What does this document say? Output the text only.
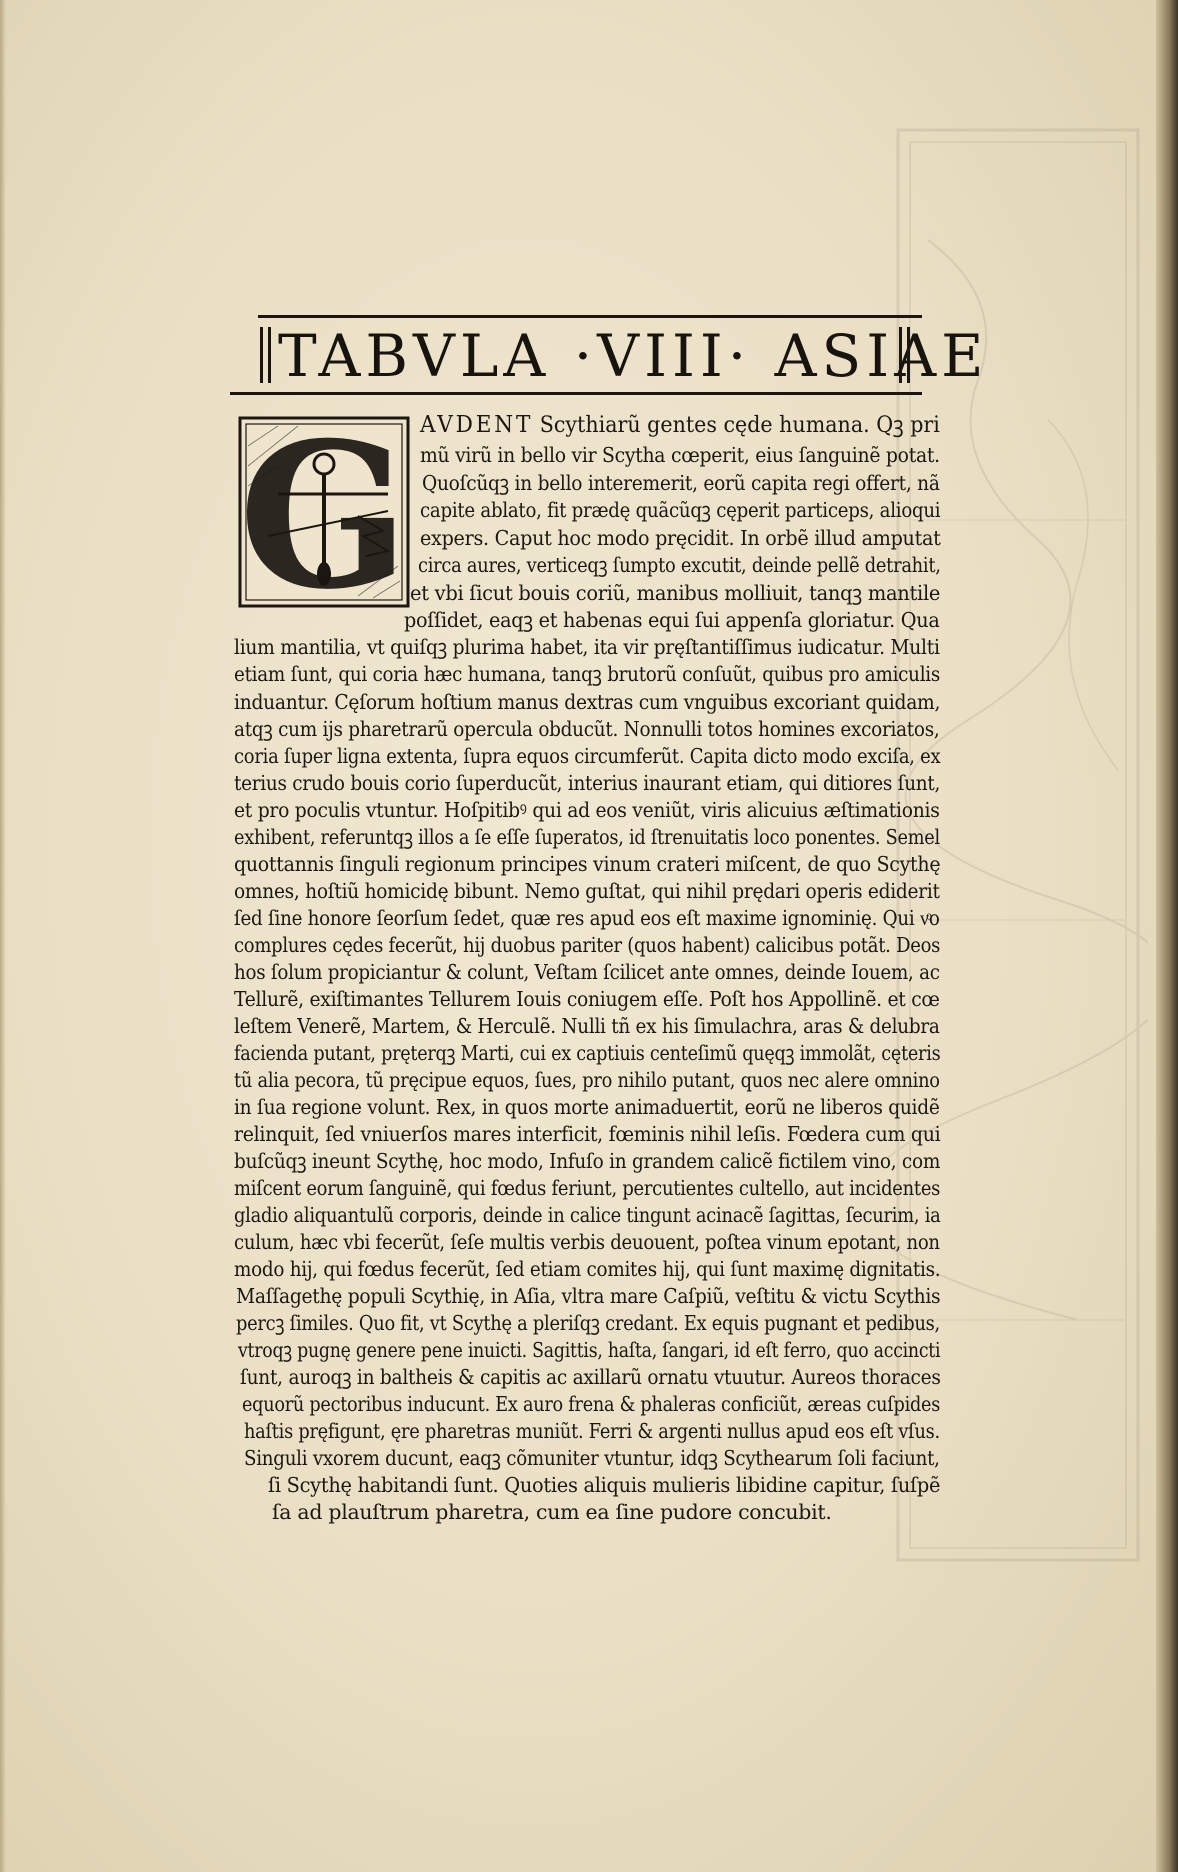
TABVLA ·VIII· ASIAE
G AVDENT Scythiarũ gentes cęde humana. Qꝫ pri
mũ virũ in bello vir Scytha cœperit, eius ſanguinẽ potat.
Quoſcũqꝫ in bello interemerit, eorũ capita regi offert, nã
capite ablato, fit prædę quãcũqꝫ cęperit particeps, alioqui
expers. Caput hoc modo pręcidit. In orbẽ illud amputat
circa aures, verticeqꝫ ſumpto excutit, deinde pellẽ detrahit,
et vbi ſicut bouis coriũ, manibus molliuit, tanqꝫ mantile
poſſidet, eaqꝫ et habenas equi ſui appenſa gloriatur. Qua
lium mantilia, vt quiſqꝫ plurima habet, ita vir pręſtantiſſimus iudicatur. Multi
etiam ſunt, qui coria hæc humana, tanqꝫ brutorũ conſuũt, quibus pro amiculis
induantur. Cęſorum hoſtium manus dextras cum vnguibus excoriant quidam,
atqꝫ cum ijs pharetrarũ opercula obducũt. Nonnulli totos homines excoriatos,
coria ſuper ligna extenta, ſupra equos circumferũt. Capita dicto modo exciſa, ex
terius crudo bouis corio ſuperducũt, interius inaurant etiam, qui ditiores ſunt,
et pro poculis vtuntur. Hoſpitibꝰ qui ad eos veniũt, viris alicuius æſtimationis
exhibent, referuntqꝫ illos a ſe eſſe ſuperatos, id ſtrenuitatis loco ponentes. Semel
quottannis ſinguli regionum principes vinum crateri miſcent, de quo Scythę
omnes, hoſtiũ homicidę bibunt. Nemo guſtat, qui nihil prędari operis ediderit
ſed ſine honore ſeorſum ſedet, quæ res apud eos eſt maxime ignominię. Qui vͦo
complures cędes fecerũt, hij duobus pariter (quos habent) calicibus potãt. Deos
hos ſolum propiciantur & colunt, Veſtam ſcilicet ante omnes, deinde Iouem, ac
Tellurẽ, exiſtimantes Tellurem Iouis coniugem eſſe. Poſt hos Appollinẽ. et cœ
leſtem Venerẽ, Martem, & Herculẽ. Nulli tñ ex his ſimulachra, aras & delubra
facienda putant, pręterqꝫ Marti, cui ex captiuis centeſimũ quęqꝫ immolãt, cęteris
tũ alia pecora, tũ pręcipue equos, ſues, pro nihilo putant, quos nec alere omnino
in ſua regione volunt. Rex, in quos morte animaduertit, eorũ ne liberos quidẽ
relinquit, ſed vniuerſos mares interficit, fœminis nihil leſis. Fœdera cum qui
buſcũqꝫ ineunt Scythę, hoc modo, Infuſo in grandem calicẽ fictilem vino, com
miſcent eorum ſanguinẽ, qui fœdus feriunt, percutientes cultello, aut incidentes
gladio aliquantulũ corporis, deinde in calice tingunt acinacẽ ſagittas, ſecurim, ia
culum, hæc vbi fecerũt, ſeſe multis verbis deuouent, poſtea vinum epotant, non
modo hij, qui fœdus fecerũt, ſed etiam comites hij, qui ſunt maximę dignitatis.
Maſſagethę populi Scythię, in Aſia, vltra mare Caſpiũ, veſtitu & victu Scythis
percꝫ ſimiles. Quo fit, vt Scythę a pleriſqꝫ credant. Ex equis pugnant et pedibus,
vtroqꝫ pugnę genere pene inuicti. Sagittis, haſta, ſangari, id eſt ferro, quo accincti
ſunt, auroqꝫ in baltheis & capitis ac axillarũ ornatu vtuutur. Aureos thoraces
equorũ pectoribus inducunt. Ex auro frena & phaleras conficiũt, æreas cuſpides
haſtis pręfigunt, ęre pharetras muniũt. Ferri & argenti nullus apud eos eſt vſus.
Singuli vxorem ducunt, eaqꝫ cõmuniter vtuntur, idqꝫ Scythearum ſoli faciunt,
ſi Scythę habitandi ſunt. Quoties aliquis mulieris libidine capitur, ſuſpẽ
ſa ad plauſtrum pharetra, cum ea ſine pudore concubit.
